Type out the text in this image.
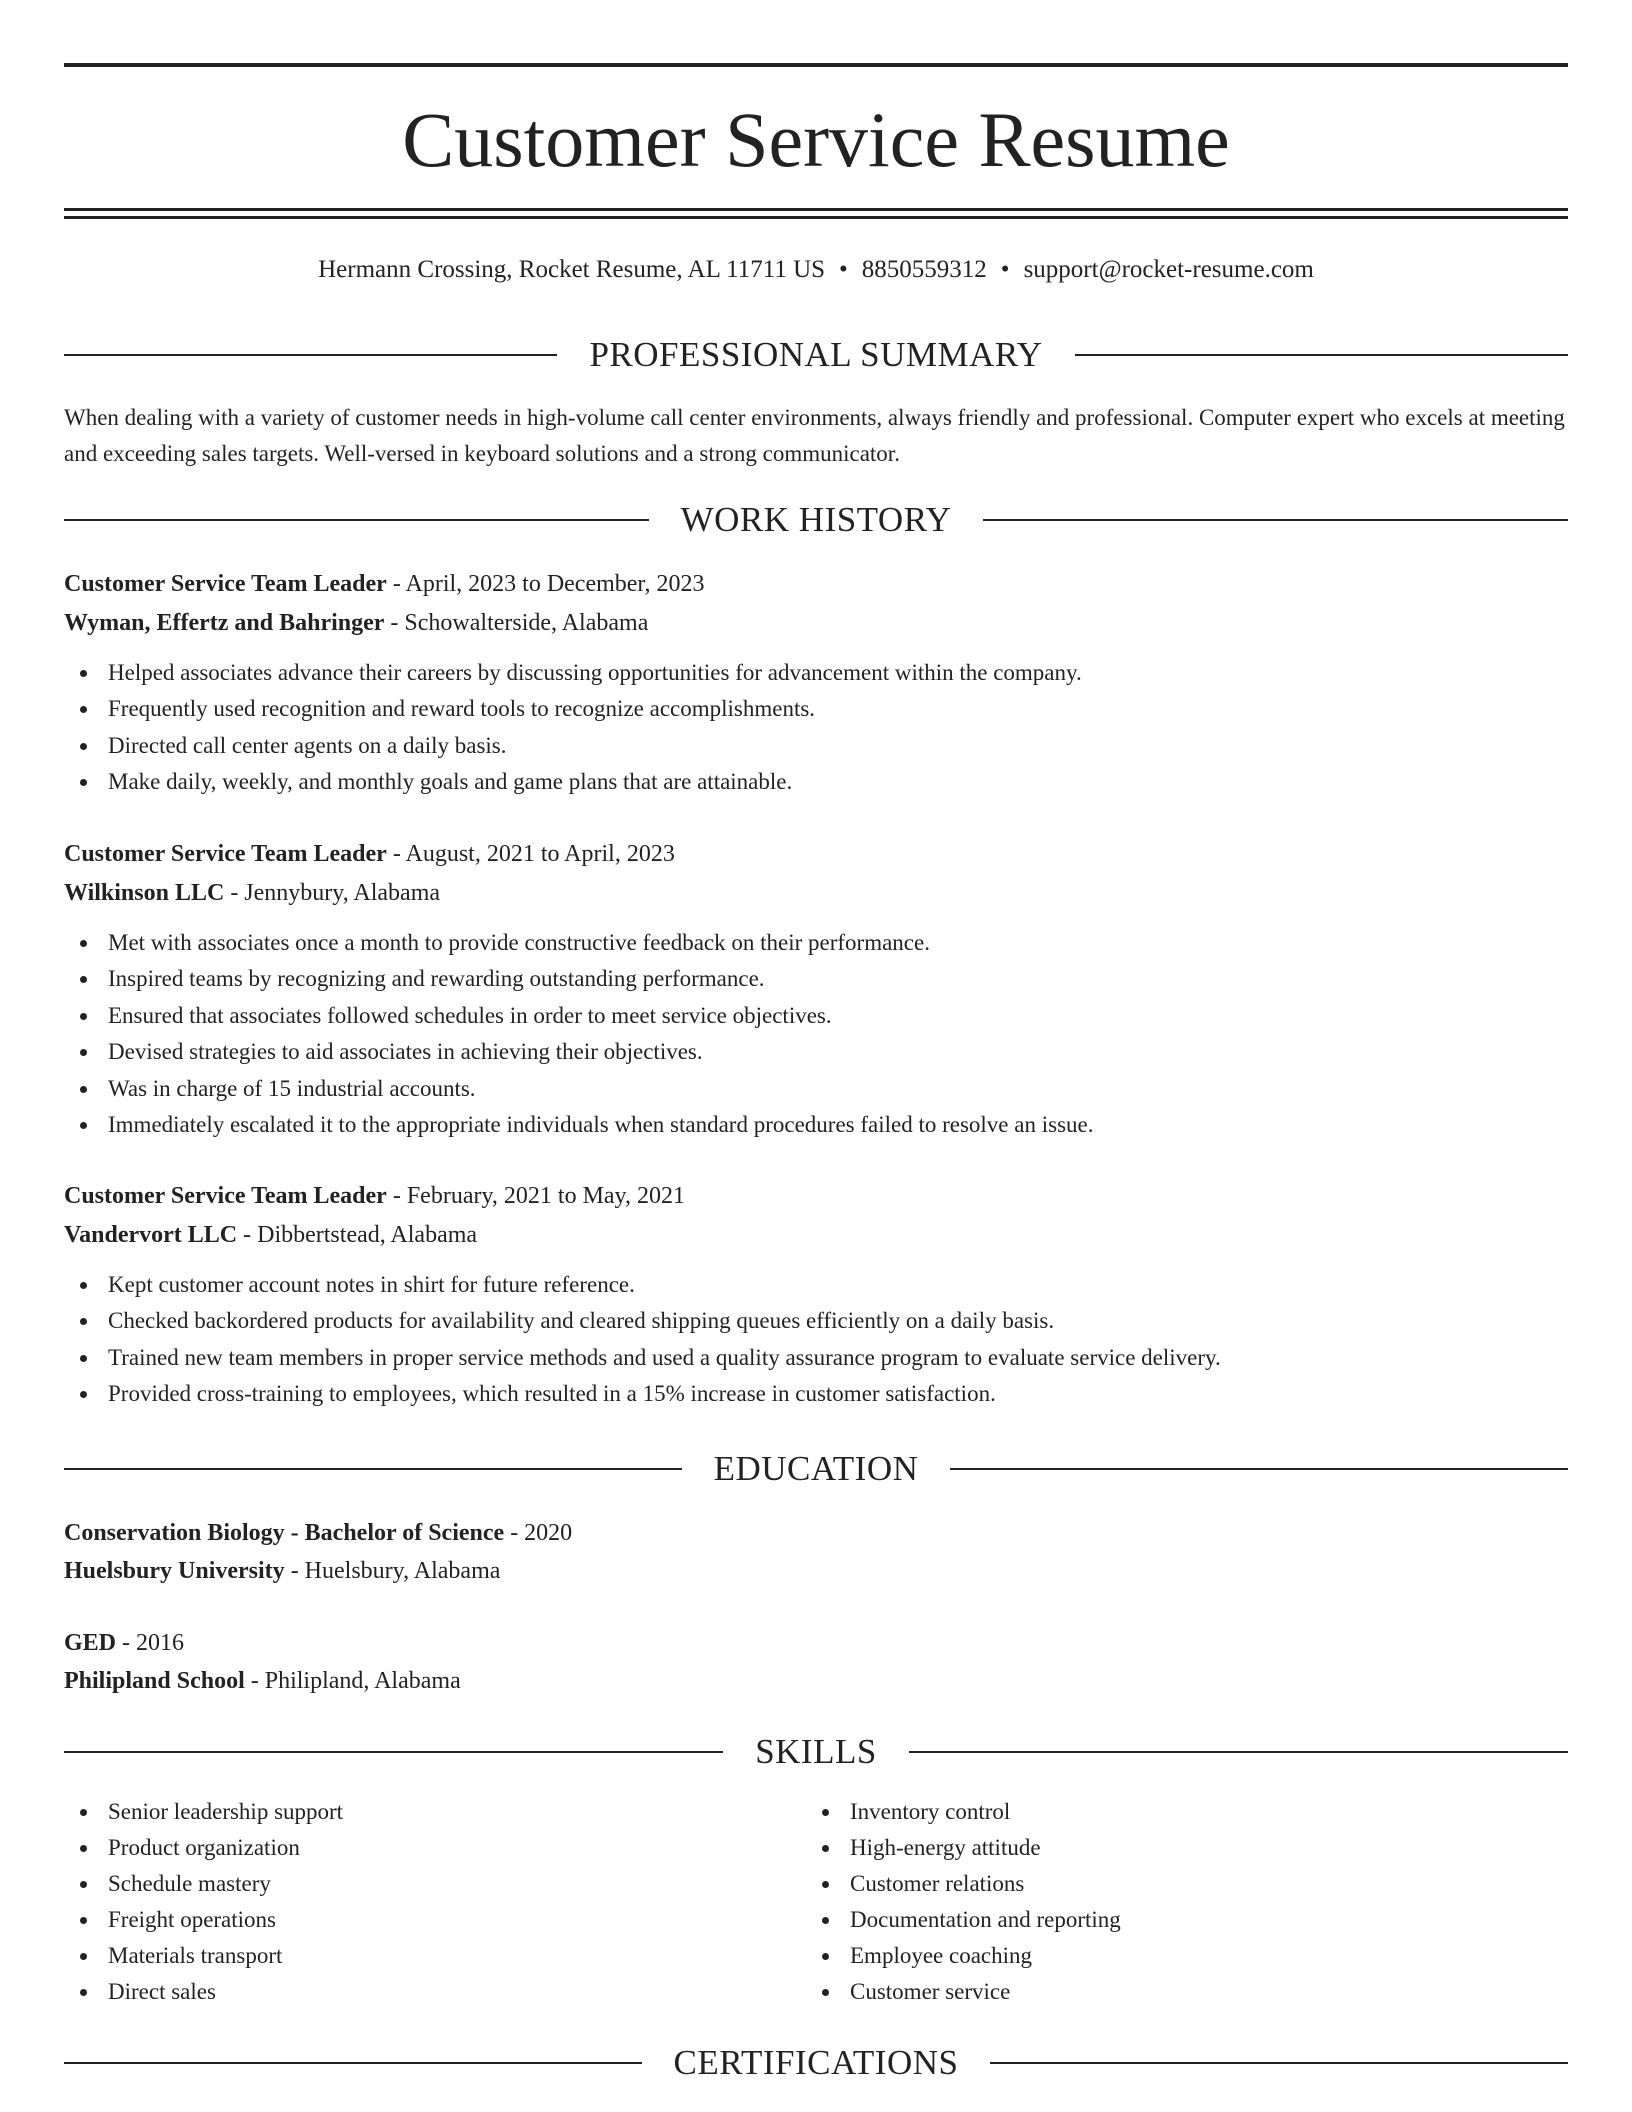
Customer Service Resume
Hermann Crossing, Rocket Resume, AL 11711 US • 8850559312 • support@rocket-resume.com
PROFESSIONAL SUMMARY
When dealing with a variety of customer needs in high-volume call center environments, always friendly and professional. Computer expert who excels at meeting and exceeding sales targets. Well-versed in keyboard solutions and a strong communicator.
WORK HISTORY
Customer Service Team Leader - April, 2023 to December, 2023
Wyman, Effertz and Bahringer - Schowalterside, Alabama
Helped associates advance their careers by discussing opportunities for advancement within the company.
Frequently used recognition and reward tools to recognize accomplishments.
Directed call center agents on a daily basis.
Make daily, weekly, and monthly goals and game plans that are attainable.
Customer Service Team Leader - August, 2021 to April, 2023
Wilkinson LLC - Jennybury, Alabama
Met with associates once a month to provide constructive feedback on their performance.
Inspired teams by recognizing and rewarding outstanding performance.
Ensured that associates followed schedules in order to meet service objectives.
Devised strategies to aid associates in achieving their objectives.
Was in charge of 15 industrial accounts.
Immediately escalated it to the appropriate individuals when standard procedures failed to resolve an issue.
Customer Service Team Leader - February, 2021 to May, 2021
Vandervort LLC - Dibbertstead, Alabama
Kept customer account notes in shirt for future reference.
Checked backordered products for availability and cleared shipping queues efficiently on a daily basis.
Trained new team members in proper service methods and used a quality assurance program to evaluate service delivery.
Provided cross-training to employees, which resulted in a 15% increase in customer satisfaction.
EDUCATION
Conservation Biology - Bachelor of Science - 2020
Huelsbury University - Huelsbury, Alabama
GED - 2016
Philipland School - Philipland, Alabama
SKILLS
Senior leadership support
Product organization
Schedule mastery
Freight operations
Materials transport
Direct sales
Inventory control
High-energy attitude
Customer relations
Documentation and reporting
Employee coaching
Customer service
CERTIFICATIONS
